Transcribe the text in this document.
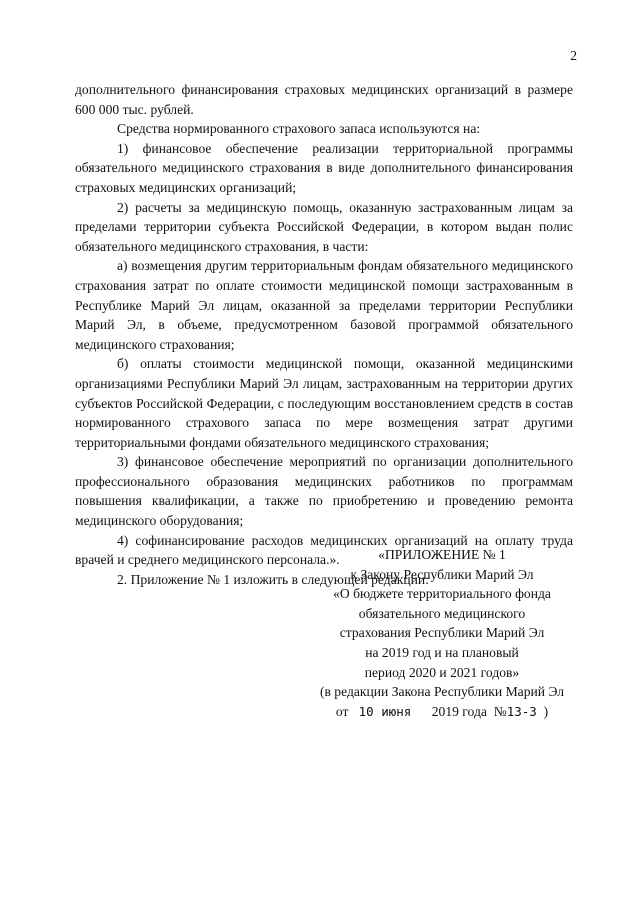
2

дополнительного финансирования страховых медицинских организаций в размере 600 000 тыс. рублей.

Средства нормированного страхового запаса используются на:

1) финансовое обеспечение реализации территориальной программы обязательного медицинского страхования в виде дополнительного финансирования страховых медицинских организаций;

2) расчеты за медицинскую помощь, оказанную застрахованным лицам за пределами территории субъекта Российской Федерации, в котором выдан полис обязательного медицинского страхования, в части:

а) возмещения другим территориальным фондам обязательного медицинского страхования затрат по оплате стоимости медицинской помощи застрахованным в Республике Марий Эл лицам, оказанной за пределами территории Республики Марий Эл, в объеме, предусмотренном базовой программой обязательного медицинского страхования;

б) оплаты стоимости медицинской помощи, оказанной медицинскими организациями Республики Марий Эл лицам, застрахованным на территории других субъектов Российской Федерации, с последующим восстановлением средств в состав нормированного страхового запаса по мере возмещения затрат другими территориальными фондами обязательного медицинского страхования;

3) финансовое обеспечение мероприятий по организации дополнительного профессионального образования медицинских работников по программам повышения квалификации, а также по приобретению и проведению ремонта медицинского оборудования;

4) софинансирование расходов медицинских организаций на оплату труда врачей и среднего медицинского персонала.».

2. Приложение № 1 изложить в следующей редакции:

«ПРИЛОЖЕНИЕ № 1
к Закону Республики Марий Эл
«О бюджете территориального фонда
обязательного медицинского
страхования Республики Марий Эл
на 2019 год и на плановый
период 2020 и 2021 годов»
(в редакции Закона Республики Марий Эл
от 10 июня 2019 года №13-З )
